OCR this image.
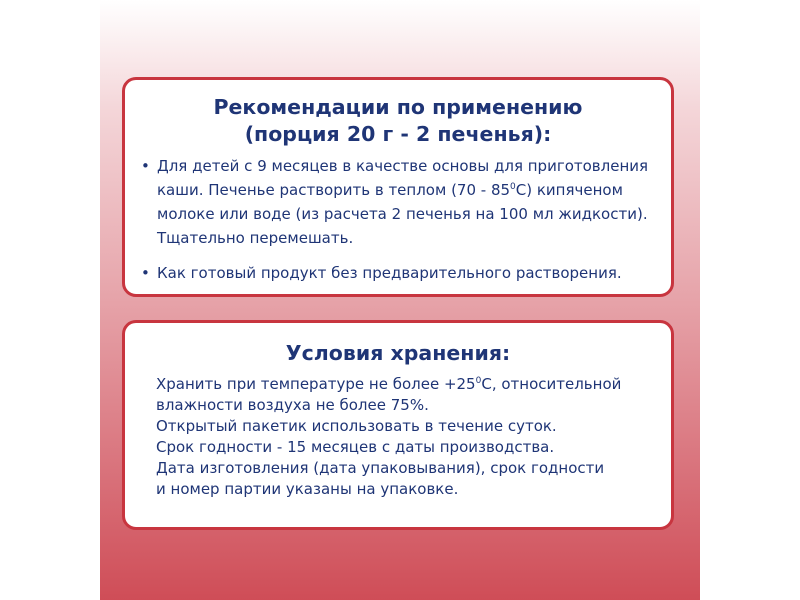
Рекомендации по применению
(порция 20 г - 2 печенья):
• Для детей с 9 месяцев в качестве основы для приготовления каши. Печенье растворить в теплом $(70 - 85^0С)$ кипяченом молоке или воде (из расчета 2 печенья на 100 мл жидкости). Тщательно перемешать.
• Как готовый продукт без предварительного растворения.
Условия хранения:
Хранить при температуре не более $+25^0С$, относительной
влажности воздуха не более 75%.
Открытый пакетик использовать в течение суток.
Срок годности - 15 месяцев с даты производства.
Дата изготовления (дата упаковывания), срок годности
и номер партии указаны на упаковке.
